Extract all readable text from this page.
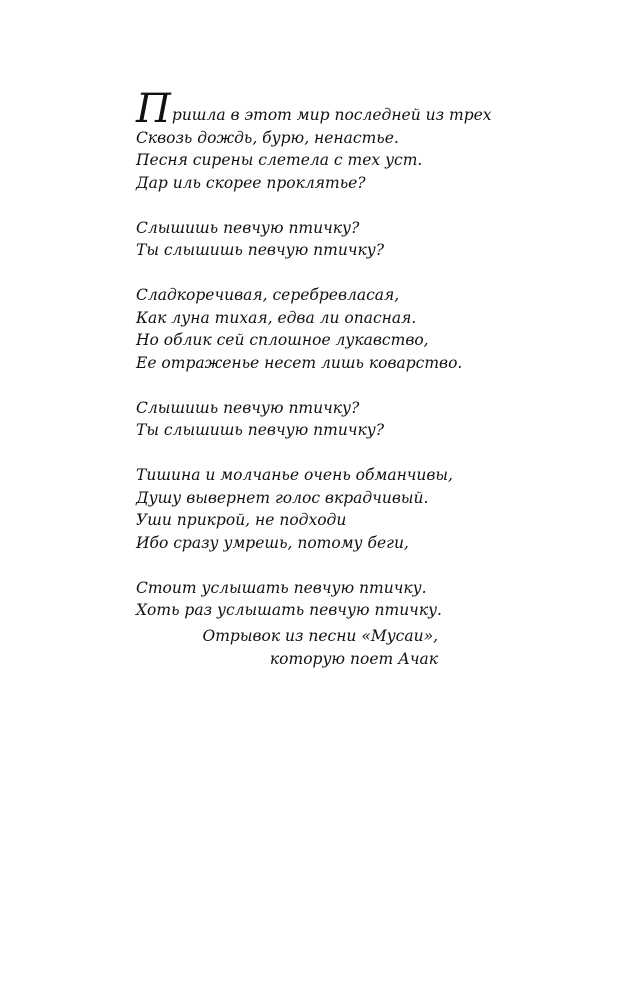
Пришла в этот мир последней из трех
Сквозь дождь, бурю, ненастье.
Песня сирены слетела с тех уст.
Дар иль скорее проклятье?
Слышишь певчую птичку?
Ты слышишь певчую птичку?
Сладкоречивая, серебревласая,
Как луна тихая, едва ли опасная.
Но облик сей сплошное лукавство,
Ее отраженье несет лишь коварство.
Слышишь певчую птичку?
Ты слышишь певчую птичку?
Тишина и молчанье очень обманчивы,
Душу вывернет голос вкрадчивый.
Уши прикрой, не подходи
Ибо сразу умрешь, потому беги,
Стоит услышать певчую птичку.
Хоть раз услышать певчую птичку.
Отрывок из песни «Мусаи»,
которую поет Ачак
